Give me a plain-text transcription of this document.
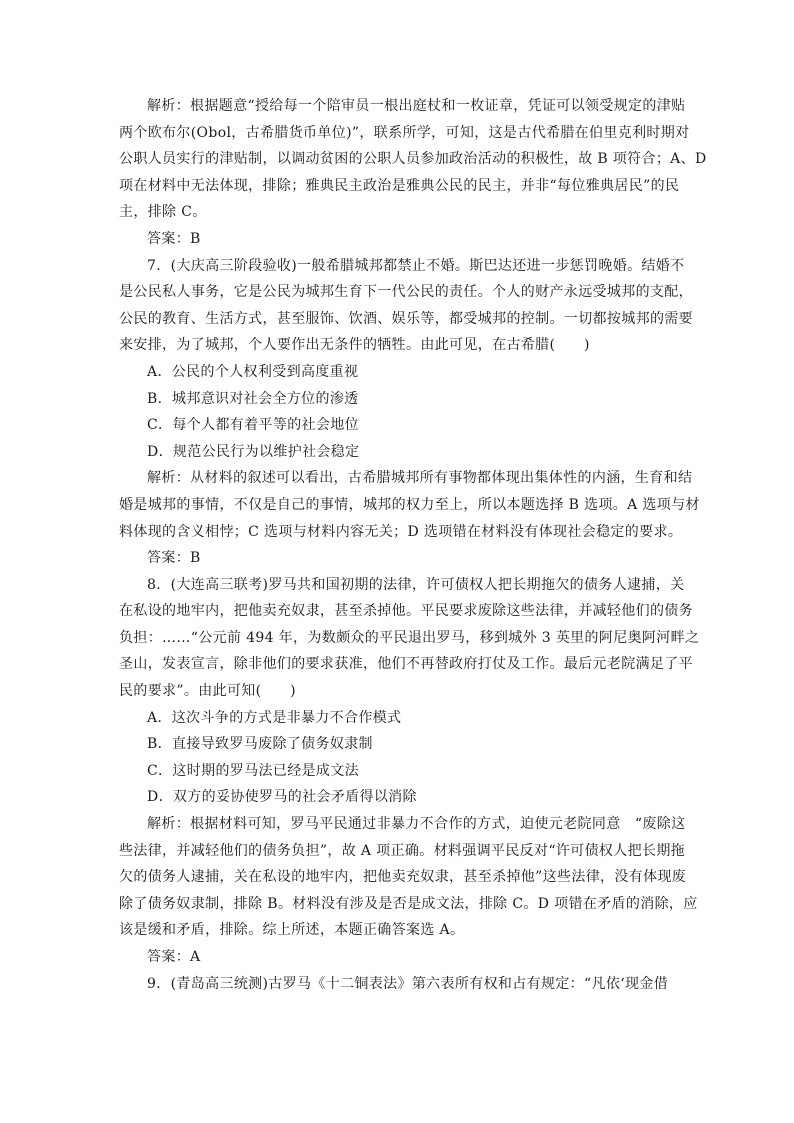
解析：根据题意“授给每一个陪审员一根出庭杖和一枚证章，凭证可以领受规定的津贴
两个欧布尔(Obol，古希腊货币单位)”，联系所学，可知，这是古代希腊在伯里克利时期对
公职人员实行的津贴制，以调动贫困的公职人员参加政治活动的积极性，故 B 项符合；A、D
项在材料中无法体现，排除；雅典民主政治是雅典公民的民主，并非“每位雅典居民”的民
主，排除 C。

答案：B

7．(大庆高三阶段验收)一般希腊城邦都禁止不婚。斯巴达还进一步惩罚晚婚。结婚不
是公民私人事务，它是公民为城邦生育下一代公民的责任。个人的财产永远受城邦的支配，
公民的教育、生活方式，甚至服饰、饮酒、娱乐等，都受城邦的控制。一切都按城邦的需要
来安排，为了城邦，个人要作出无条件的牺牲。由此可见，在古希腊(　　)

A．公民的个人权利受到高度重视

B．城邦意识对社会全方位的渗透

C．每个人都有着平等的社会地位

D．规范公民行为以维护社会稳定

解析：从材料的叙述可以看出，古希腊城邦所有事物都体现出集体性的内涵，生育和结
婚是城邦的事情，不仅是自己的事情，城邦的权力至上，所以本题选择 B 选项。A 选项与材
料体现的含义相悖；C 选项与材料内容无关；D 选项错在材料没有体现社会稳定的要求。

答案：B

8．(大连高三联考)罗马共和国初期的法律，许可债权人把长期拖欠的债务人逮捕，关
在私设的地牢内，把他卖充奴隶，甚至杀掉他。平民要求废除这些法律，并减轻他们的债务
负担：……“公元前 494 年，为数颇众的平民退出罗马，移到城外 3 英里的阿尼奥阿河畔之
圣山，发表宣言，除非他们的要求获准，他们不再替政府打仗及工作。最后元老院满足了平
民的要求”。由此可知(　　)

A．这次斗争的方式是非暴力不合作模式

B．直接导致罗马废除了债务奴隶制

C．这时期的罗马法已经是成文法

D．双方的妥协使罗马的社会矛盾得以消除

解析：根据材料可知，罗马平民通过非暴力不合作的方式，迫使元老院同意　“废除这
些法律，并减轻他们的债务负担”，故 A 项正确。材料强调平民反对“许可债权人把长期拖
欠的债务人逮捕，关在私设的地牢内，把他卖充奴隶，甚至杀掉他”这些法律，没有体现废
除了债务奴隶制，排除 B。材料没有涉及是否是成文法，排除 C。D 项错在矛盾的消除，应
该是缓和矛盾，排除。综上所述，本题正确答案选 A。

答案：A

9．(青岛高三统测)古罗马《十二铜表法》第六表所有权和占有规定：“凡依‘现金借
